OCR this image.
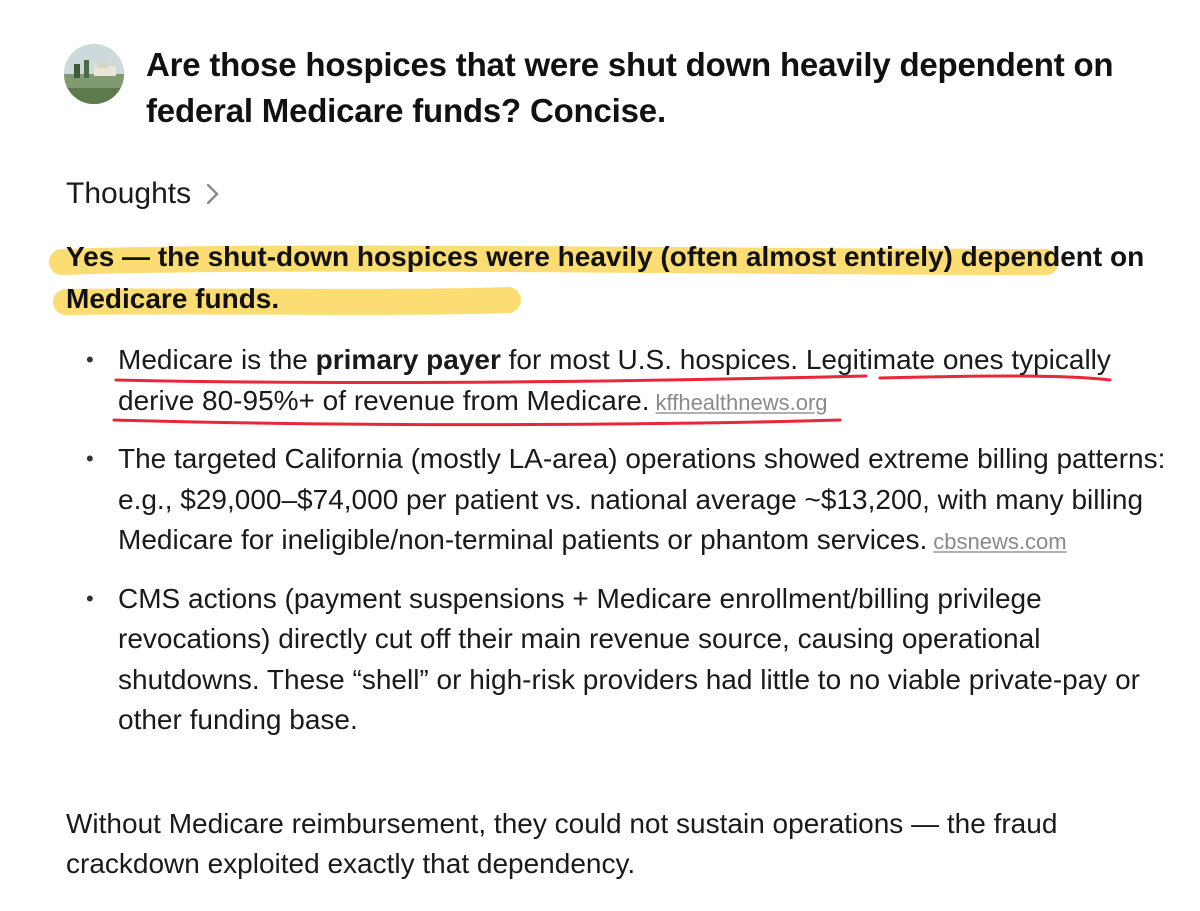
Are those hospices that were shut down heavily dependent on federal Medicare funds? Concise.
Thoughts
Yes — the shut-down hospices were heavily (often almost entirely) dependent on Medicare funds.
• Medicare is the primary payer for most U.S. hospices. Legitimate ones typically derive 80-95%+ of revenue from Medicare. kffhealthnews.org
• The targeted California (mostly LA-area) operations showed extreme billing patterns: e.g., $29,000–$74,000 per patient vs. national average ~$13,200, with many billing Medicare for ineligible/non-terminal patients or phantom services. cbsnews.com
• CMS actions (payment suspensions + Medicare enrollment/billing privilege revocations) directly cut off their main revenue source, causing operational shutdowns. These “shell” or high-risk providers had little to no viable private-pay or other funding base.
Without Medicare reimbursement, they could not sustain operations — the fraud crackdown exploited exactly that dependency.
